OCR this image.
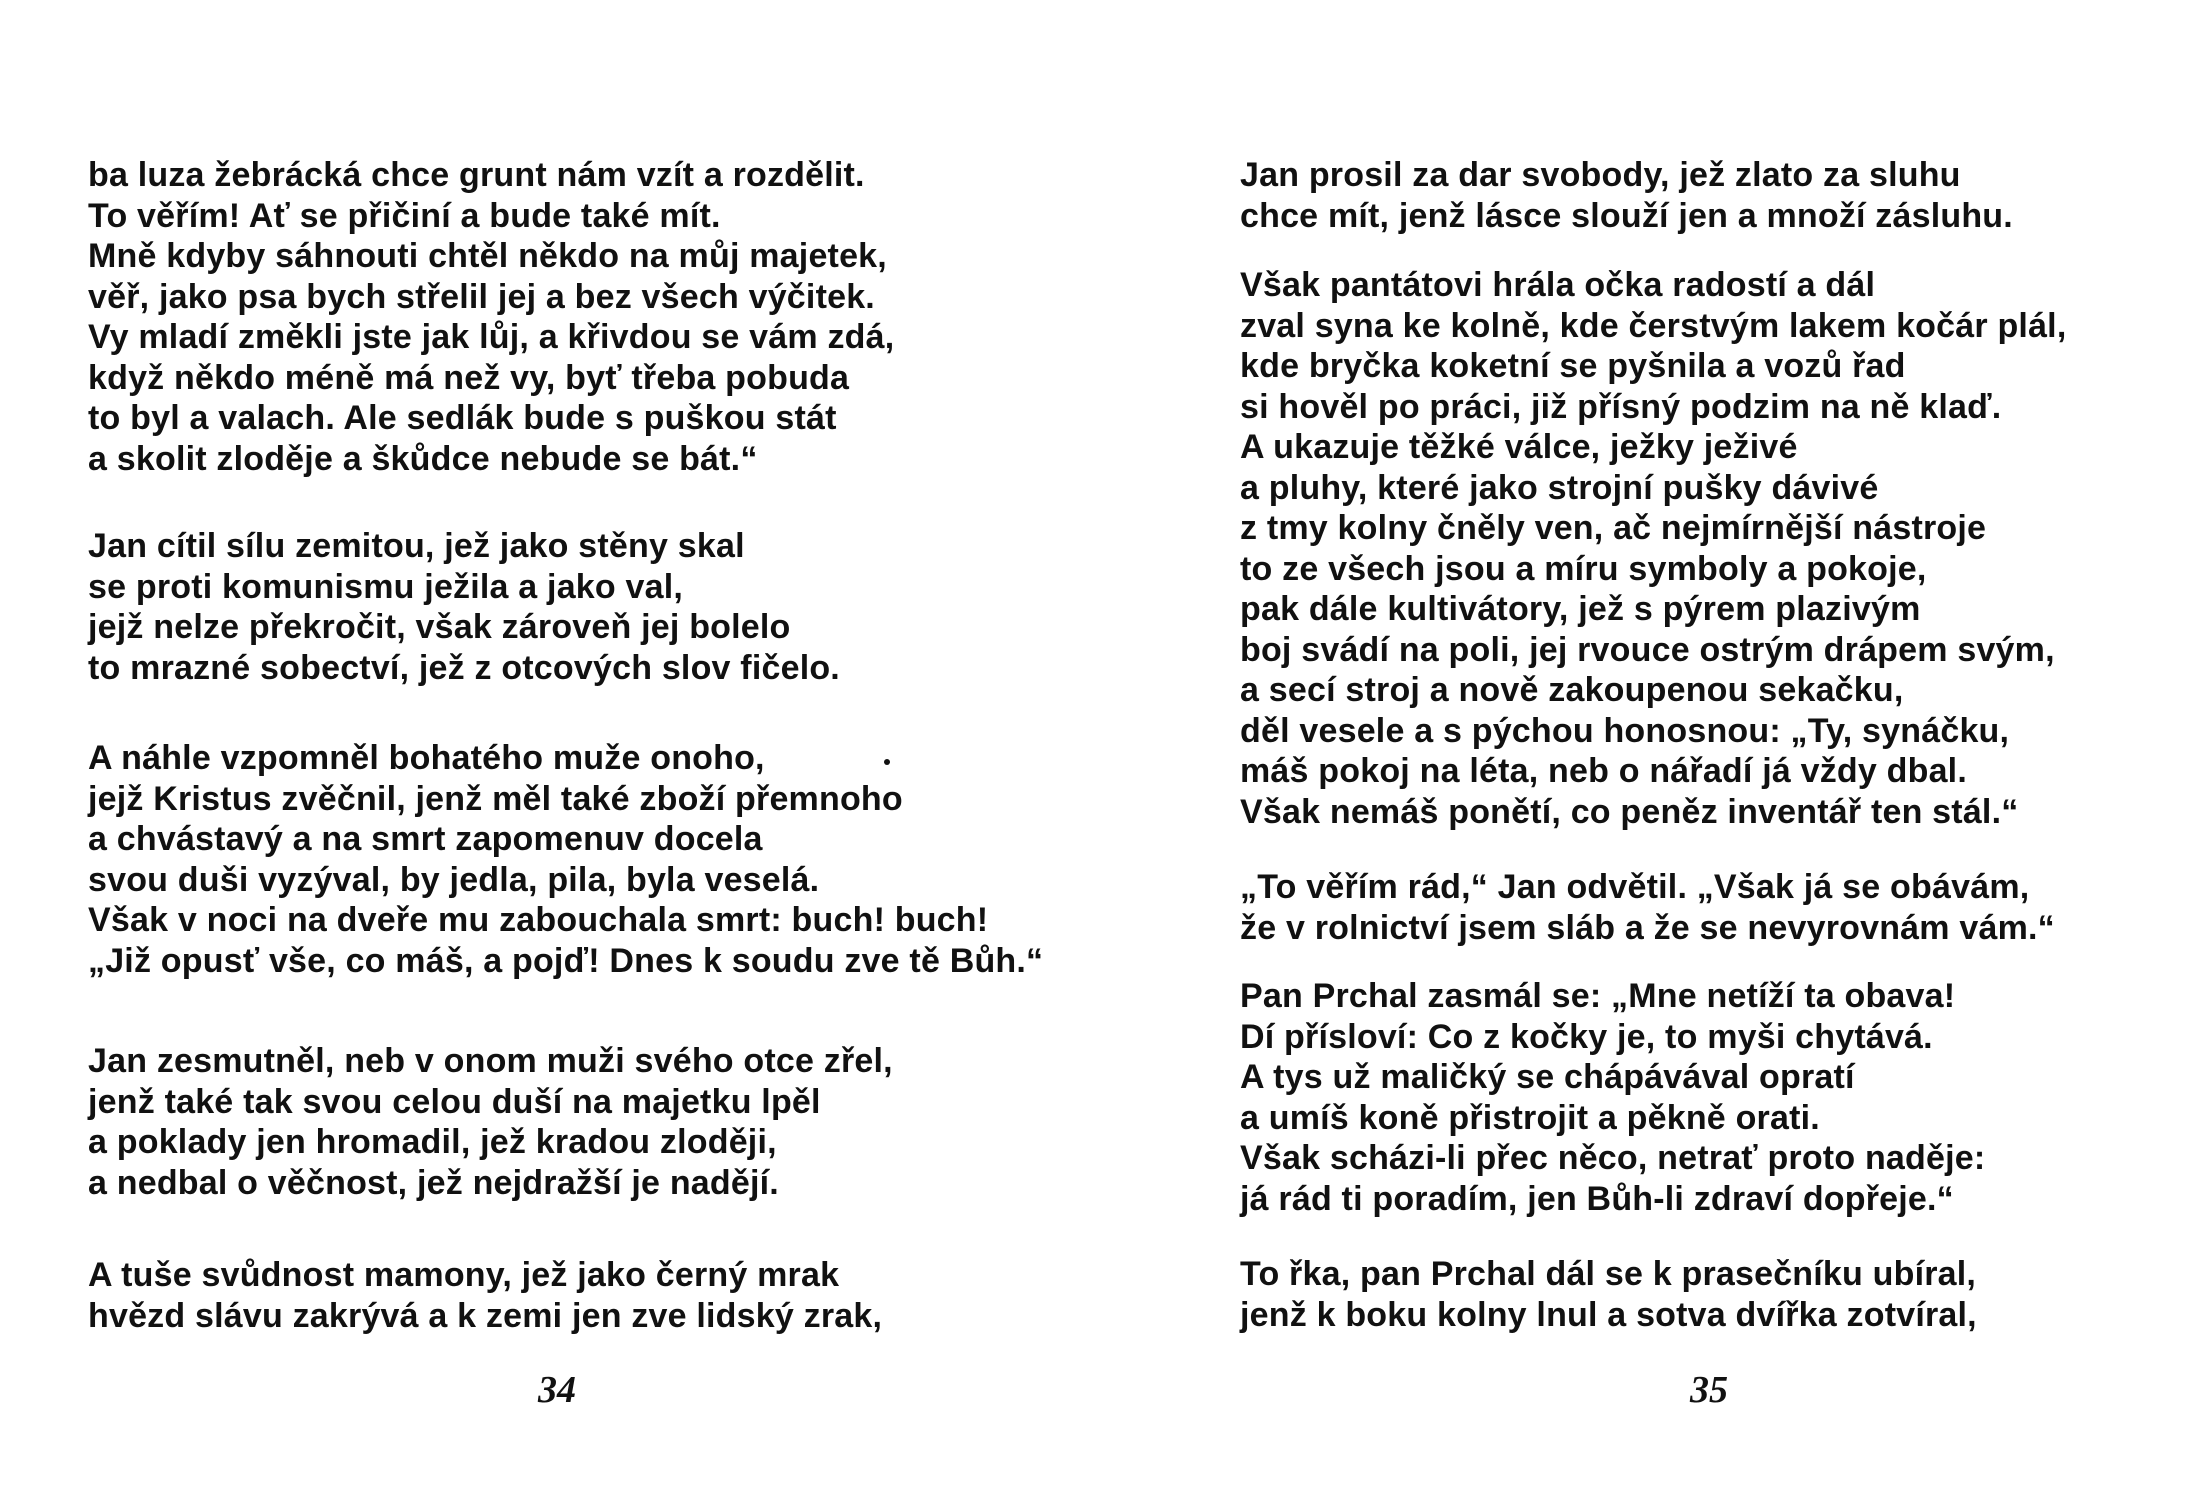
ba luza žebrácká chce grunt nám vzít a rozdělit.
To věřím! Ať se přičiní a bude také mít.
Mně kdyby sáhnouti chtěl někdo na můj majetek,
věř, jako psa bych střelil jej a bez všech výčitek.
Vy mladí změkli jste jak lůj, a křivdou se vám zdá,
když někdo méně má než vy, byť třeba pobuda
to byl a valach. Ale sedlák bude s puškou stát
a skolit zloděje a škůdce nebude se bát.“
Jan cítil sílu zemitou, jež jako stěny skal
se proti komunismu ježila a jako val,
jejž nelze překročit, však zároveň jej bolelo
to mrazné sobectví, jež z otcových slov fičelo.
A náhle vzpomněl bohatého muže onoho,
jejž Kristus zvěčnil, jenž měl také zboží přemnoho
a chvástavý a na smrt zapomenuv docela
svou duši vyzýval, by jedla, pila, byla veselá.
Však v noci na dveře mu zabouchala smrt: buch! buch!
„Již opusť vše, co máš, a pojď! Dnes k soudu zve tě Bůh.“
Jan zesmutněl, neb v onom muži svého otce zřel,
jenž také tak svou celou duší na majetku lpěl
a poklady jen hromadil, jež kradou zloději,
a nedbal o věčnost, jež nejdražší je nadějí.
A tuše svůdnost mamony, jež jako černý mrak
hvězd slávu zakrývá a k zemi jen zve lidský zrak,
34
Jan prosil za dar svobody, jež zlato za sluhu
chce mít, jenž lásce slouží jen a množí zásluhu.
Však pantátovi hrála očka radostí a dál
zval syna ke kolně, kde čerstvým lakem kočár plál,
kde bryčka koketní se pyšnila a vozů řad
si hověl po práci, již přísný podzim na ně klaď.
A ukazuje těžké válce, ježky ježivé
a pluhy, které jako strojní pušky dávivé
z tmy kolny čněly ven, ač nejmírnější nástroje
to ze všech jsou a míru symboly a pokoje,
pak dále kultivátory, jež s pýrem plazivým
boj svádí na poli, jej rvouce ostrým drápem svým,
a secí stroj a nově zakoupenou sekačku,
děl vesele a s pýchou honosnou: „Ty, synáčku,
máš pokoj na léta, neb o nářadí já vždy dbal.
Však nemáš ponětí, co peněz inventář ten stál.“
„To věřím rád,“ Jan odvětil. „Však já se obávám,
že v rolnictví jsem sláb a že se nevyrovnám vám.“
Pan Prchal zasmál se: „Mne netíží ta obava!
Dí přísloví: Co z kočky je, to myši chytává.
A tys už maličký se chápávával opratí
a umíš koně přistrojit a pěkně orati.
Však scházi-li přec něco, netrať proto naděje:
já rád ti poradím, jen Bůh-li zdraví dopřeje.“
To řka, pan Prchal dál se k prasečníku ubíral,
jenž k boku kolny lnul a sotva dvířka zotvíral,
35
